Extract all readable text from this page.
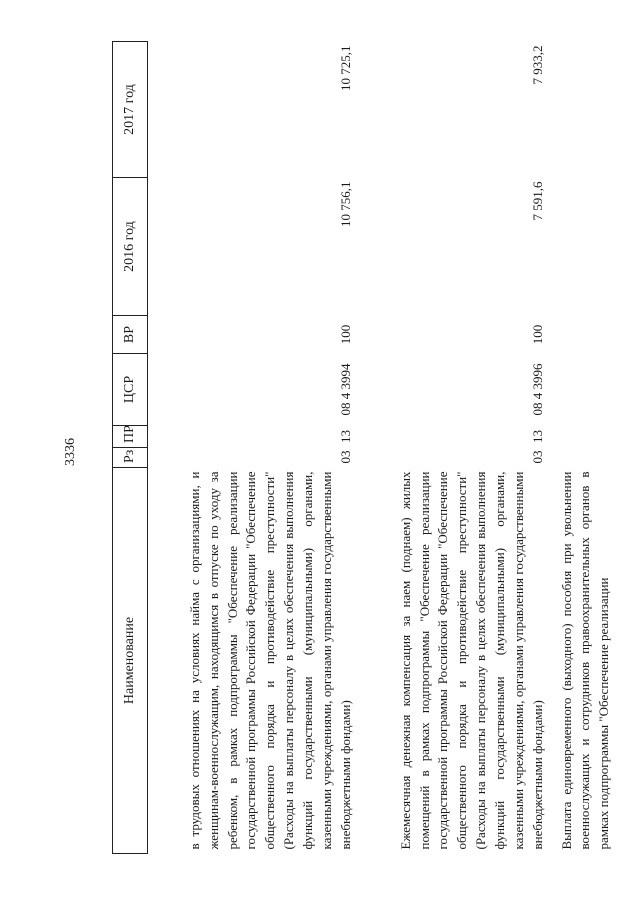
3336
Наименование	Рз	ПР	ЦСР	ВР	2016 год	2017 год
в трудовых отношениях на условиях найма с организациями, и женщинам-военнослужащим, находящимся в отпуске по уходу за ребенком, в рамках подпрограммы "Обеспечение реализации государственной программы Российской Федерации "Обеспечение общественного порядка и противодействие преступности" (Расходы на выплаты персоналу в целях обеспечения выполнения функций государственными (муниципальными) органами, казенными учреждениями, органами управления государственными внебюджетными фондами)	03	13	08 4 3994	100	10 756,1	10 725,1
Ежемесячная денежная компенсация за наем (поднаем) жилых помещений в рамках подпрограммы "Обеспечение реализации государственной программы Российской Федерации "Обеспечение общественного порядка и противодействие преступности" (Расходы на выплаты персоналу в целях обеспечения выполнения функций государственными (муниципальными) органами, казенными учреждениями, органами управления государственными внебюджетными фондами)	03	13	08 4 3996	100	7 591,6	7 933,2
Выплата единовременного (выходного) пособия при увольнении военнослужащих и сотрудников правоохранительных органов в рамках подпрограммы "Обеспечение реализации						
